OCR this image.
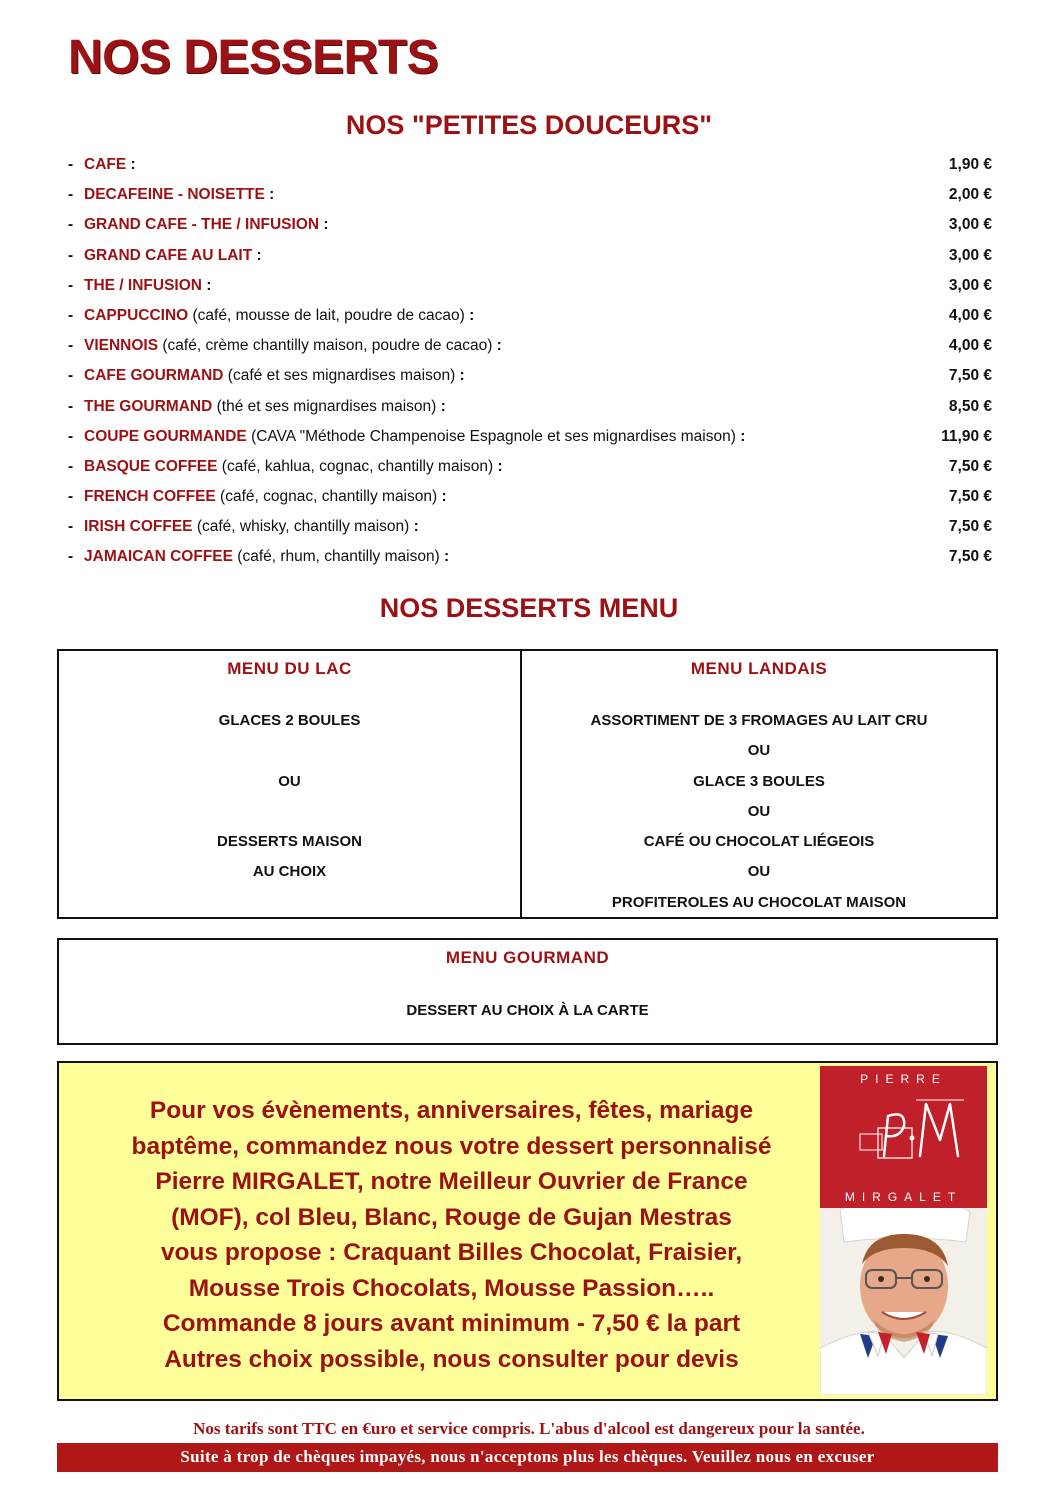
NOS DESSERTS
NOS "PETITES DOUCEURS"
- CAFE :	1,90 €
- DECAFEINE - NOISETTE :	2,00 €
- GRAND CAFE - THE / INFUSION :	3,00 €
- GRAND CAFE AU LAIT :	3,00 €
- THE / INFUSION :	3,00 €
- CAPPUCCINO (café, mousse de lait, poudre de cacao) :	4,00 €
- VIENNOIS (café, crème chantilly maison, poudre de cacao) :	4,00 €
- CAFE GOURMAND (café et ses mignardises maison) :	7,50 €
- THE GOURMAND (thé et ses mignardises maison) :	8,50 €
- COUPE GOURMANDE (CAVA "Méthode Champenoise Espagnole et ses mignardises maison) :	11,90 €
- BASQUE COFFEE (café, kahlua, cognac, chantilly maison) :	7,50 €
- FRENCH COFFEE (café, cognac, chantilly maison) :	7,50 €
- IRISH COFFEE (café, whisky, chantilly maison) :	7,50 €
- JAMAICAN COFFEE (café, rhum, chantilly maison) :	7,50 €
NOS DESSERTS MENU
MENU DU LAC
GLACES 2 BOULES
OU
DESSERTS MAISON
AU CHOIX
MENU LANDAIS
ASSORTIMENT DE 3 FROMAGES AU LAIT CRU
OU
GLACE 3 BOULES
OU
CAFÉ OU CHOCOLAT LIÉGEOIS
OU
PROFITEROLES AU CHOCOLAT MAISON
MENU GOURMAND
DESSERT AU CHOIX À LA CARTE
Pour vos évènements, anniversaires, fêtes, mariage
baptême, commandez nous votre dessert personnalisé
Pierre MIRGALET, notre Meilleur Ouvrier de France
(MOF), col Bleu, Blanc, Rouge de Gujan Mestras
vous propose : Craquant Billes Chocolat, Fraisier,
Mousse Trois Chocolats, Mousse Passion…..
Commande 8 jours avant minimum - 7,50 € la part
Autres choix possible, nous consulter pour devis
PIERRE
MIRGALET
Nos tarifs sont TTC en €uro et service compris. L'abus d'alcool est dangereux pour la santée.
Suite à trop de chèques impayés, nous n'acceptons plus les chèques. Veuillez nous en excuser
